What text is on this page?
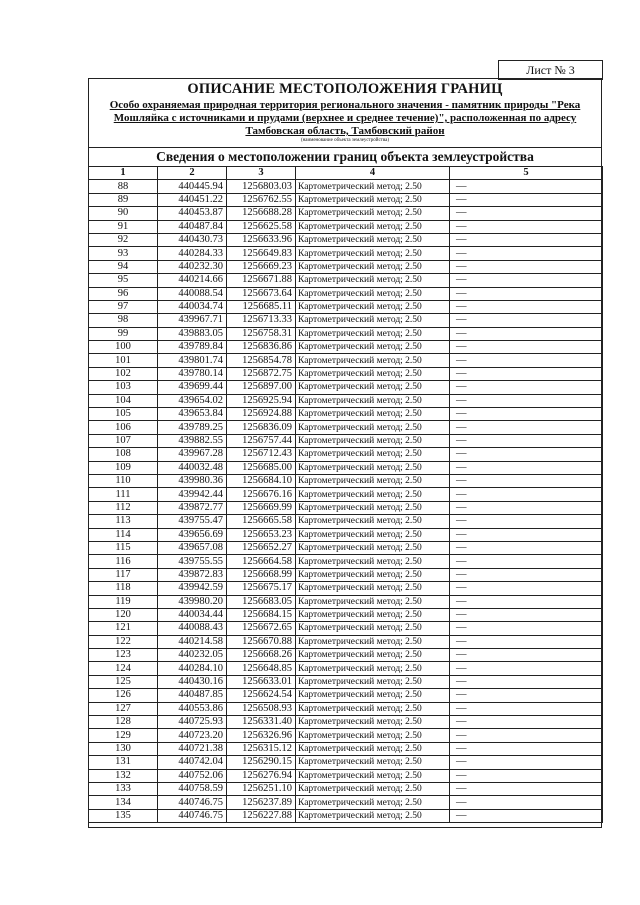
Лист № 3
ОПИСАНИЕ МЕСТОПОЛОЖЕНИЯ ГРАНИЦ
Особо охраняемая природная территория регионального значения - памятник природы "Река
Мошляйка с источниками и прудами (верхнее и среднее течение)", расположенная по адресу
Тамбовская область, Тамбовский район
(наименование объекта землеустройства)
Сведения о местоположении границ объекта землеустройства
1	2	3	4	5
88	440445.94	1256803.03	Картометрический метод; 2.50	—
89	440451.22	1256762.55	Картометрический метод; 2.50	—
90	440453.87	1256688.28	Картометрический метод; 2.50	—
91	440487.84	1256625.58	Картометрический метод; 2.50	—
92	440430.73	1256633.96	Картометрический метод; 2.50	—
93	440284.33	1256649.83	Картометрический метод; 2.50	—
94	440232.30	1256669.23	Картометрический метод; 2.50	—
95	440214.66	1256671.88	Картометрический метод; 2.50	—
96	440088.54	1256673.64	Картометрический метод; 2.50	—
97	440034.74	1256685.11	Картометрический метод; 2.50	—
98	439967.71	1256713.33	Картометрический метод; 2.50	—
99	439883.05	1256758.31	Картометрический метод; 2.50	—
100	439789.84	1256836.86	Картометрический метод; 2.50	—
101	439801.74	1256854.78	Картометрический метод; 2.50	—
102	439780.14	1256872.75	Картометрический метод; 2.50	—
103	439699.44	1256897.00	Картометрический метод; 2.50	—
104	439654.02	1256925.94	Картометрический метод; 2.50	—
105	439653.84	1256924.88	Картометрический метод; 2.50	—
106	439789.25	1256836.09	Картометрический метод; 2.50	—
107	439882.55	1256757.44	Картометрический метод; 2.50	—
108	439967.28	1256712.43	Картометрический метод; 2.50	—
109	440032.48	1256685.00	Картометрический метод; 2.50	—
110	439980.36	1256684.10	Картометрический метод; 2.50	—
111	439942.44	1256676.16	Картометрический метод; 2.50	—
112	439872.77	1256669.99	Картометрический метод; 2.50	—
113	439755.47	1256665.58	Картометрический метод; 2.50	—
114	439656.69	1256653.23	Картометрический метод; 2.50	—
115	439657.08	1256652.27	Картометрический метод; 2.50	—
116	439755.55	1256664.58	Картометрический метод; 2.50	—
117	439872.83	1256668.99	Картометрический метод; 2.50	—
118	439942.59	1256675.17	Картометрический метод; 2.50	—
119	439980.20	1256683.05	Картометрический метод; 2.50	—
120	440034.44	1256684.15	Картометрический метод; 2.50	—
121	440088.43	1256672.65	Картометрический метод; 2.50	—
122	440214.58	1256670.88	Картометрический метод; 2.50	—
123	440232.05	1256668.26	Картометрический метод; 2.50	—
124	440284.10	1256648.85	Картометрический метод; 2.50	—
125	440430.16	1256633.01	Картометрический метод; 2.50	—
126	440487.85	1256624.54	Картометрический метод; 2.50	—
127	440553.86	1256508.93	Картометрический метод; 2.50	—
128	440725.93	1256331.40	Картометрический метод; 2.50	—
129	440723.20	1256326.96	Картометрический метод; 2.50	—
130	440721.38	1256315.12	Картометрический метод; 2.50	—
131	440742.04	1256290.15	Картометрический метод; 2.50	—
132	440752.06	1256276.94	Картометрический метод; 2.50	—
133	440758.59	1256251.10	Картометрический метод; 2.50	—
134	440746.75	1256237.89	Картометрический метод; 2.50	—
135	440746.75	1256227.88	Картометрический метод; 2.50	—
